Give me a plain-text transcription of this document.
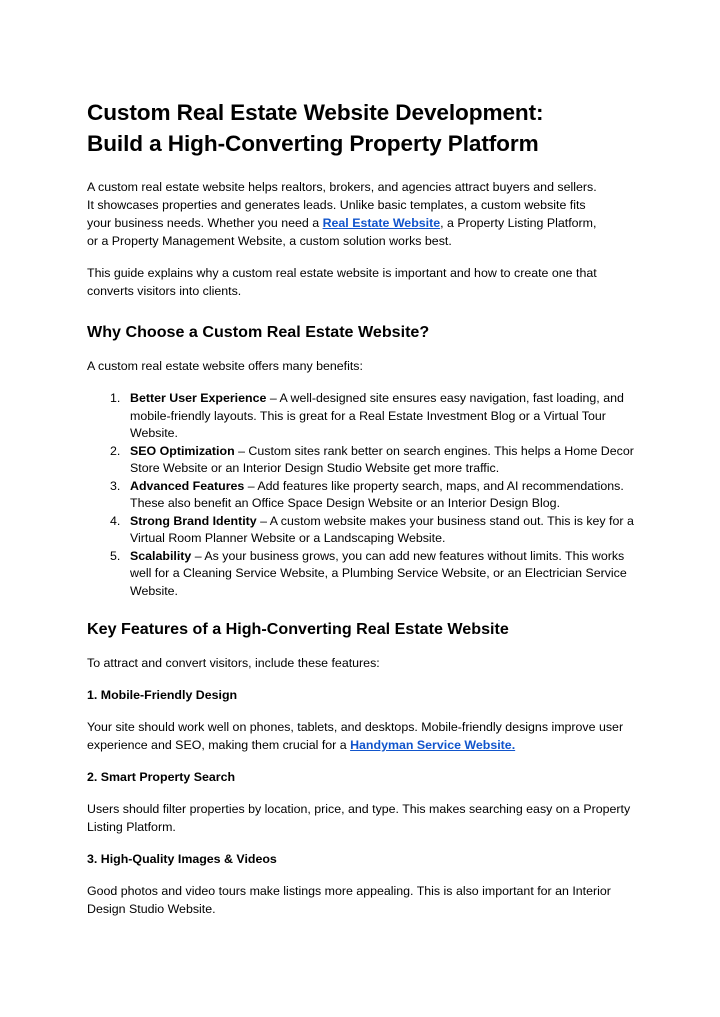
Custom Real Estate Website Development:
Build a High-Converting Property Platform

A custom real estate website helps realtors, brokers, and agencies attract buyers and sellers. It showcases properties and generates leads. Unlike basic templates, a custom website fits your business needs. Whether you need a Real Estate Website, a Property Listing Platform, or a Property Management Website, a custom solution works best.

This guide explains why a custom real estate website is important and how to create one that converts visitors into clients.

Why Choose a Custom Real Estate Website?

A custom real estate website offers many benefits:

1. Better User Experience – A well-designed site ensures easy navigation, fast loading, and mobile-friendly layouts. This is great for a Real Estate Investment Blog or a Virtual Tour Website.
2. SEO Optimization – Custom sites rank better on search engines. This helps a Home Decor Store Website or an Interior Design Studio Website get more traffic.
3. Advanced Features – Add features like property search, maps, and AI recommendations. These also benefit an Office Space Design Website or an Interior Design Blog.
4. Strong Brand Identity – A custom website makes your business stand out. This is key for a Virtual Room Planner Website or a Landscaping Website.
5. Scalability – As your business grows, you can add new features without limits. This works well for a Cleaning Service Website, a Plumbing Service Website, or an Electrician Service Website.
Key Features of a High-Converting Real Estate Website

To attract and convert visitors, include these features:

1. Mobile-Friendly Design

Your site should work well on phones, tablets, and desktops. Mobile-friendly designs improve user experience and SEO, making them crucial for a Handyman Service Website.

2. Smart Property Search

Users should filter properties by location, price, and type. This makes searching easy on a Property Listing Platform.

3. High-Quality Images & Videos

Good photos and video tours make listings more appealing. This is also important for an Interior Design Studio Website.
